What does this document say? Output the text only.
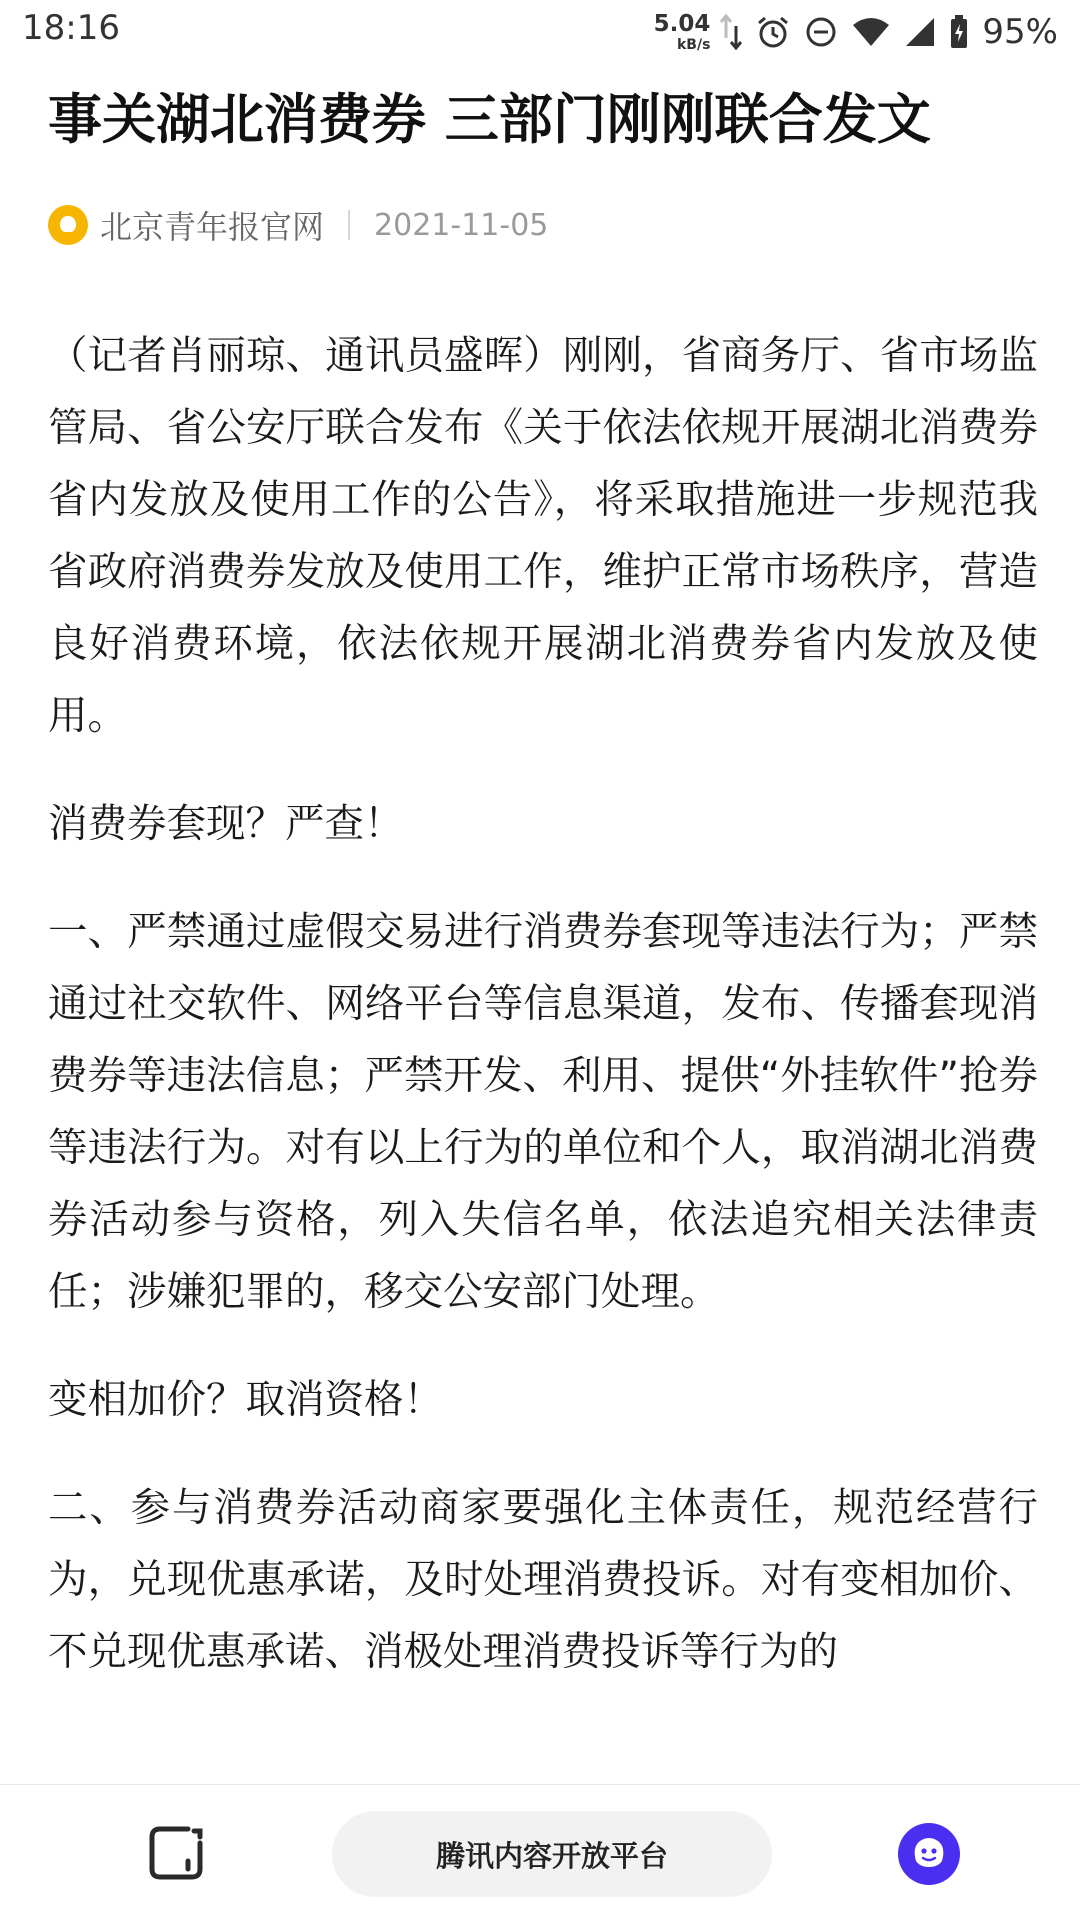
18:16	5.04
kB/s	95%
事关湖北消费券 三部门刚刚联合发文
北京青年报官网 2021-11-05

（记者肖丽琼、通讯员盛晖）刚刚，省商务厅、省市场监管局、省公安厅联合发布《关于依法依规开展湖北消费券省内发放及使用工作的公告》，将采取措施进一步规范我省政府消费券发放及使用工作，维护正常市场秩序，营造良好消费环境，依法依规开展湖北消费券省内发放及使用。

消费券套现？严查！

一、严禁通过虚假交易进行消费券套现等违法行为；严禁通过社交软件、网络平台等信息渠道，发布、传播套现消费券等违法信息；严禁开发、利用、提供“外挂软件”抢券等违法行为。对有以上行为的单位和个人，取消湖北消费券活动参与资格，列入失信名单，依法追究相关法律责任；涉嫌犯罪的，移交公安部门处理。

变相加价？取消资格！

二、参与消费券活动商家要强化主体责任，规范经营行为，兑现优惠承诺，及时处理消费投诉。对有变相加价、不兑现优惠承诺、消极处理消费投诉等行为的

腾讯内容开放平台
